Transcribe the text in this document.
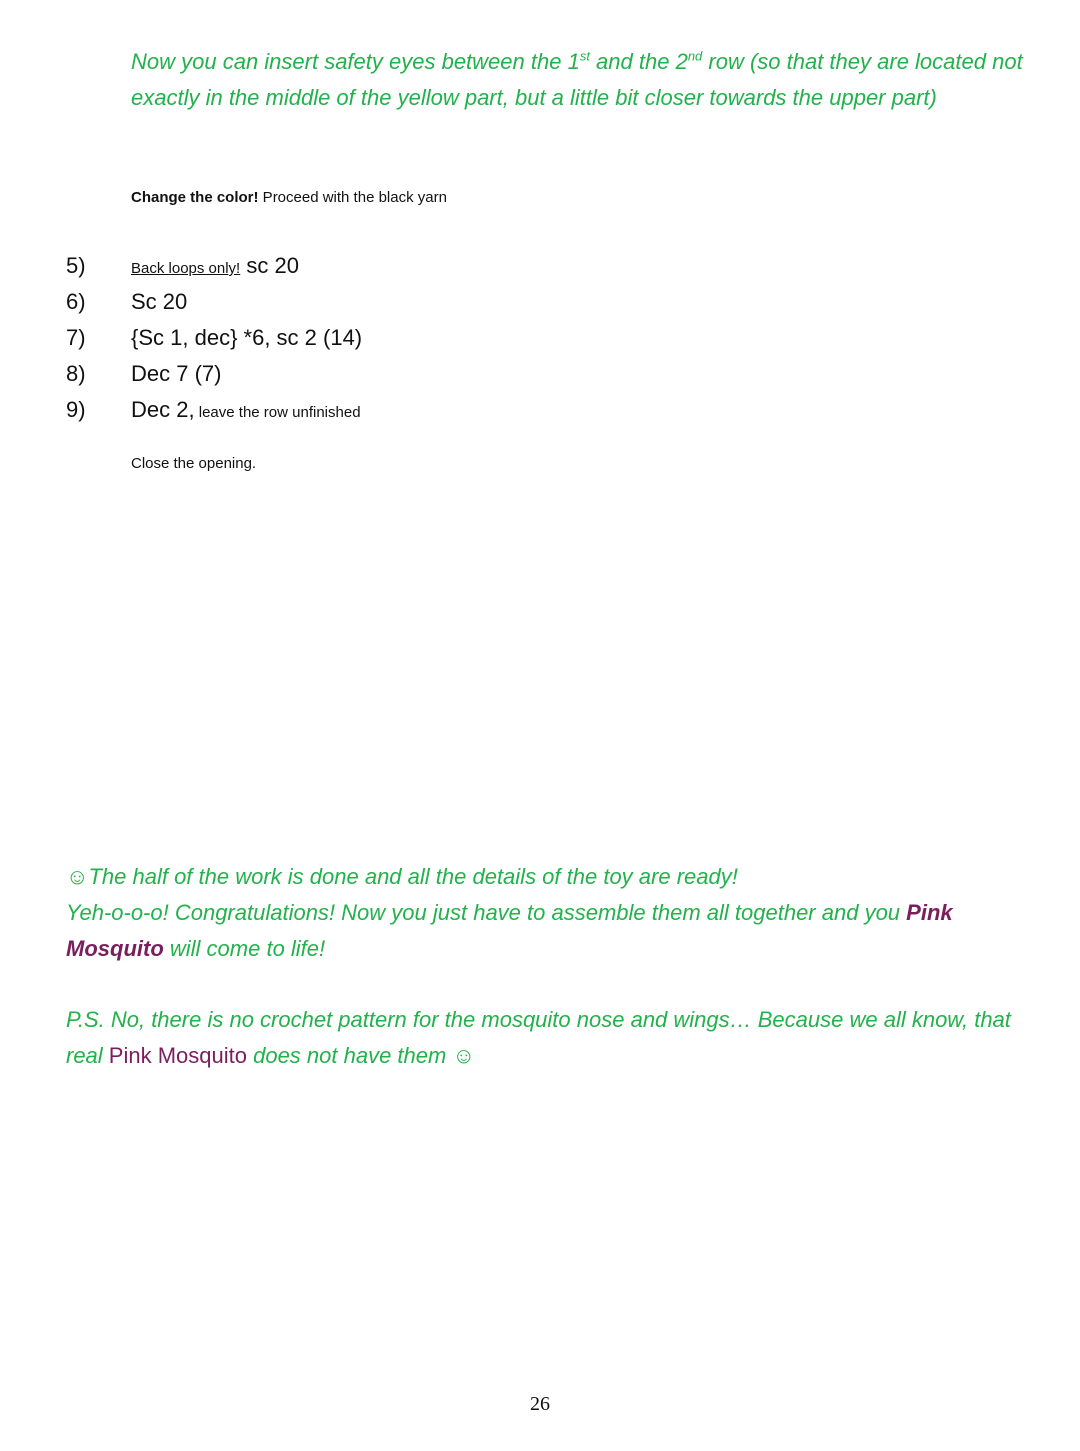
Now you can insert safety eyes between the 1st and the 2nd row (so that they are located not exactly in the middle of the yellow part, but a little bit closer towards the upper part)
Change the color! Proceed with the black yarn
5)	Back loops only! sc 20
6)	Sc 20
7)	{Sc 1, dec} *6, sc 2 (14)
8)	Dec 7 (7)
9)	Dec 2, leave the row unfinished
Close the opening.
☺The half of the work is done and all the details of the toy are ready!
Yeh-o-o-o! Congratulations! Now you just have to assemble them all together and you Pink Mosquito will come to life!
P.S. No, there is no crochet pattern for the mosquito nose and wings… Because we all know, that real Pink Mosquito does not have them ☺
26
